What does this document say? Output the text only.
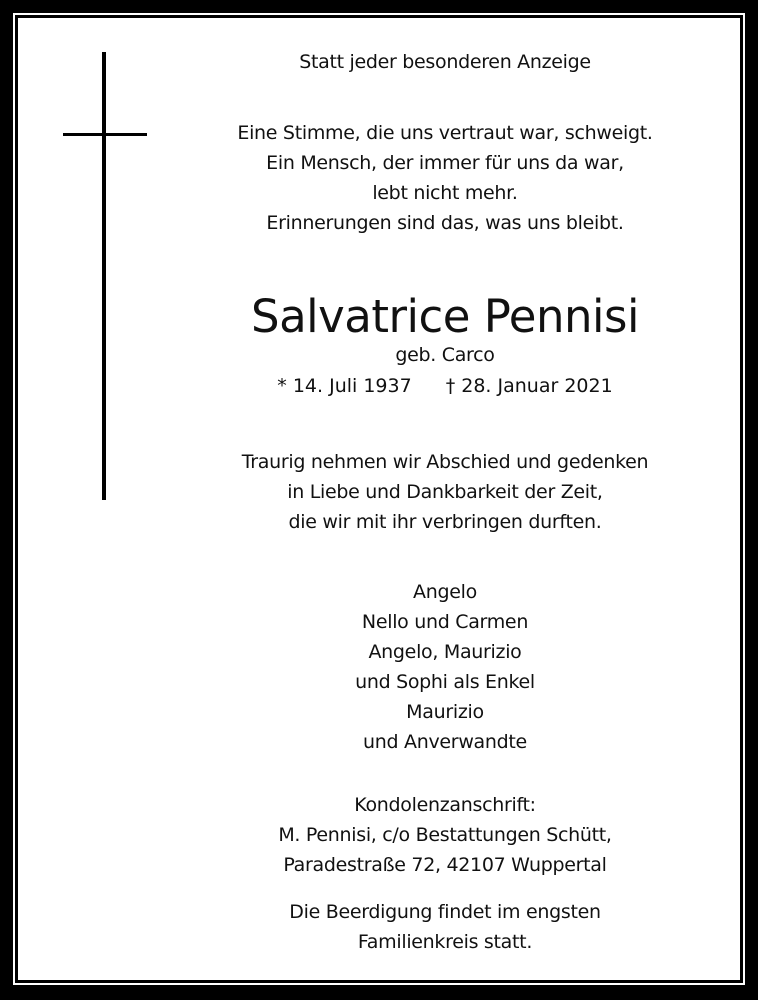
Statt jeder besonderen Anzeige
Eine Stimme, die uns vertraut war, schweigt.
Ein Mensch, der immer für uns da war,
lebt nicht mehr.
Erinnerungen sind das, was uns bleibt.
Salvatrice Pennisi
geb. Carco
* 14. Juli 1937 † 28. Januar 2021
Traurig nehmen wir Abschied und gedenken
in Liebe und Dankbarkeit der Zeit,
die wir mit ihr verbringen durften.
Angelo
Nello und Carmen
Angelo, Maurizio
und Sophi als Enkel
Maurizio
und Anverwandte
Kondolenzanschrift:
M. Pennisi, c/o Bestattungen Schütt,
Paradestraße 72, 42107 Wuppertal
Die Beerdigung findet im engsten
Familienkreis statt.
